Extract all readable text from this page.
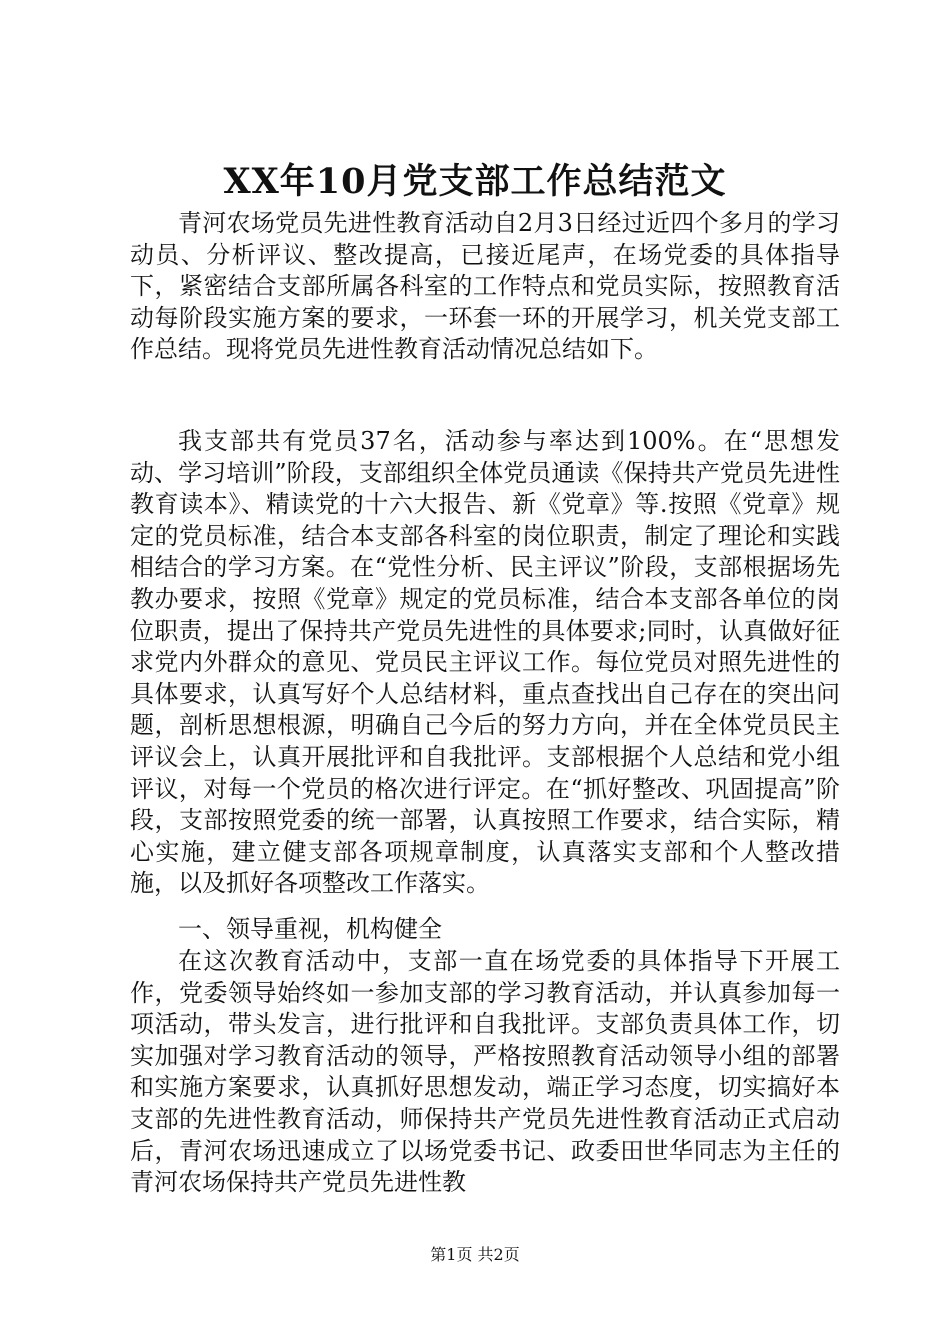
XX年10月党支部工作总结范文

青河农场党员先进性教育活动自2月3日经过近四个多月的学习动员、分析评议、整改提高，已接近尾声，在场党委的具体指导下，紧密结合支部所属各科室的工作特点和党员实际，按照教育活动每阶段实施方案的要求，一环套一环的开展学习，机关党支部工作总结。现将党员先进性教育活动情况总结如下。

我支部共有党员37名，活动参与率达到100%。在“思想发动、学习培训”阶段，支部组织全体党员通读《保持共产党员先进性教育读本》、精读党的十六大报告、新《党章》等.按照《党章》规定的党员标准，结合本支部各科室的岗位职责，制定了理论和实践相结合的学习方案。在“党性分析、民主评议”阶段，支部根据场先教办要求，按照《党章》规定的党员标准，结合本支部各单位的岗位职责，提出了保持共产党员先进性的具体要求;同时，认真做好征求党内外群众的意见、党员民主评议工作。每位党员对照先进性的具体要求，认真写好个人总结材料，重点查找出自己存在的突出问题，剖析思想根源，明确自己今后的努力方向，并在全体党员民主评议会上，认真开展批评和自我批评。支部根据个人总结和党小组评议，对每一个党员的格次进行评定。在“抓好整改、巩固提高”阶段，支部按照党委的统一部署，认真按照工作要求，结合实际，精心实施，建立健支部各项规章制度，认真落实支部和个人整改措施，以及抓好各项整改工作落实。

一、领导重视，机构健全

在这次教育活动中，支部一直在场党委的具体指导下开展工作，党委领导始终如一参加支部的学习教育活动，并认真参加每一项活动，带头发言，进行批评和自我批评。支部负责具体工作，切实加强对学习教育活动的领导，严格按照教育活动领导小组的部署和实施方案要求，认真抓好思想发动，端正学习态度，切实搞好本支部的先进性教育活动，师保持共产党员先进性教育活动正式启动后，青河农场迅速成立了以场党委书记、政委田世华同志为主任的青河农场保持共产党员先进性教

第1页 共2页
